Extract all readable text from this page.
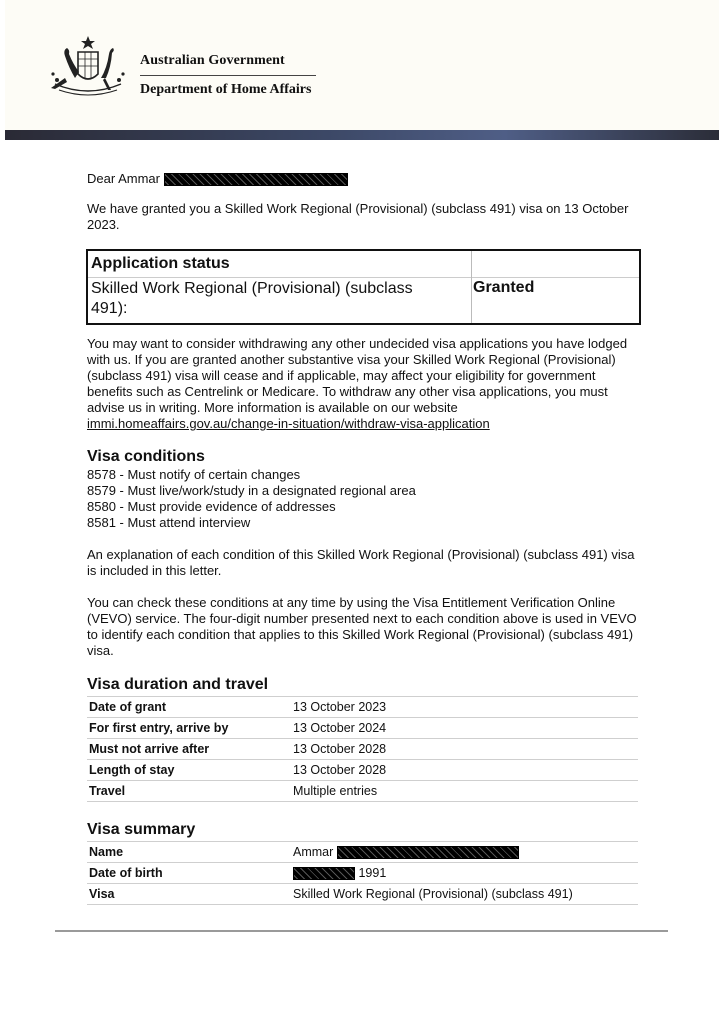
Australian Government
Department of Home Affairs

Dear Ammar

We have granted you a Skilled Work Regional (Provisional) (subclass 491) visa on 13 October 2023.

Application status
Skilled Work Regional (Provisional) (subclass 491):
Granted

You may want to consider withdrawing any other undecided visa applications you have lodged with us. If you are granted another substantive visa your Skilled Work Regional (Provisional) (subclass 491) visa will cease and if applicable, may affect your eligibility for government benefits such as Centrelink or Medicare. To withdraw any other visa applications, you must advise us in writing. More information is available on our website
immi.homeaffairs.gov.au/change-in-situation/withdraw-visa-application

Visa conditions
8578 - Must notify of certain changes
8579 - Must live/work/study in a designated regional area
8580 - Must provide evidence of addresses
8581 - Must attend interview

An explanation of each condition of this Skilled Work Regional (Provisional) (subclass 491) visa is included in this letter.

You can check these conditions at any time by using the Visa Entitlement Verification Online (VEVO) service. The four-digit number presented next to each condition above is used in VEVO to identify each condition that applies to this Skilled Work Regional (Provisional) (subclass 491) visa.

Visa duration and travel
Date of grant	13 October 2023
For first entry, arrive by	13 October 2024
Must not arrive after	13 October 2028
Length of stay	13 October 2028
Travel	Multiple entries
Visa summary
Name	Ammar
Date of birth	1991
Visa	Skilled Work Regional (Provisional) (subclass 491)
